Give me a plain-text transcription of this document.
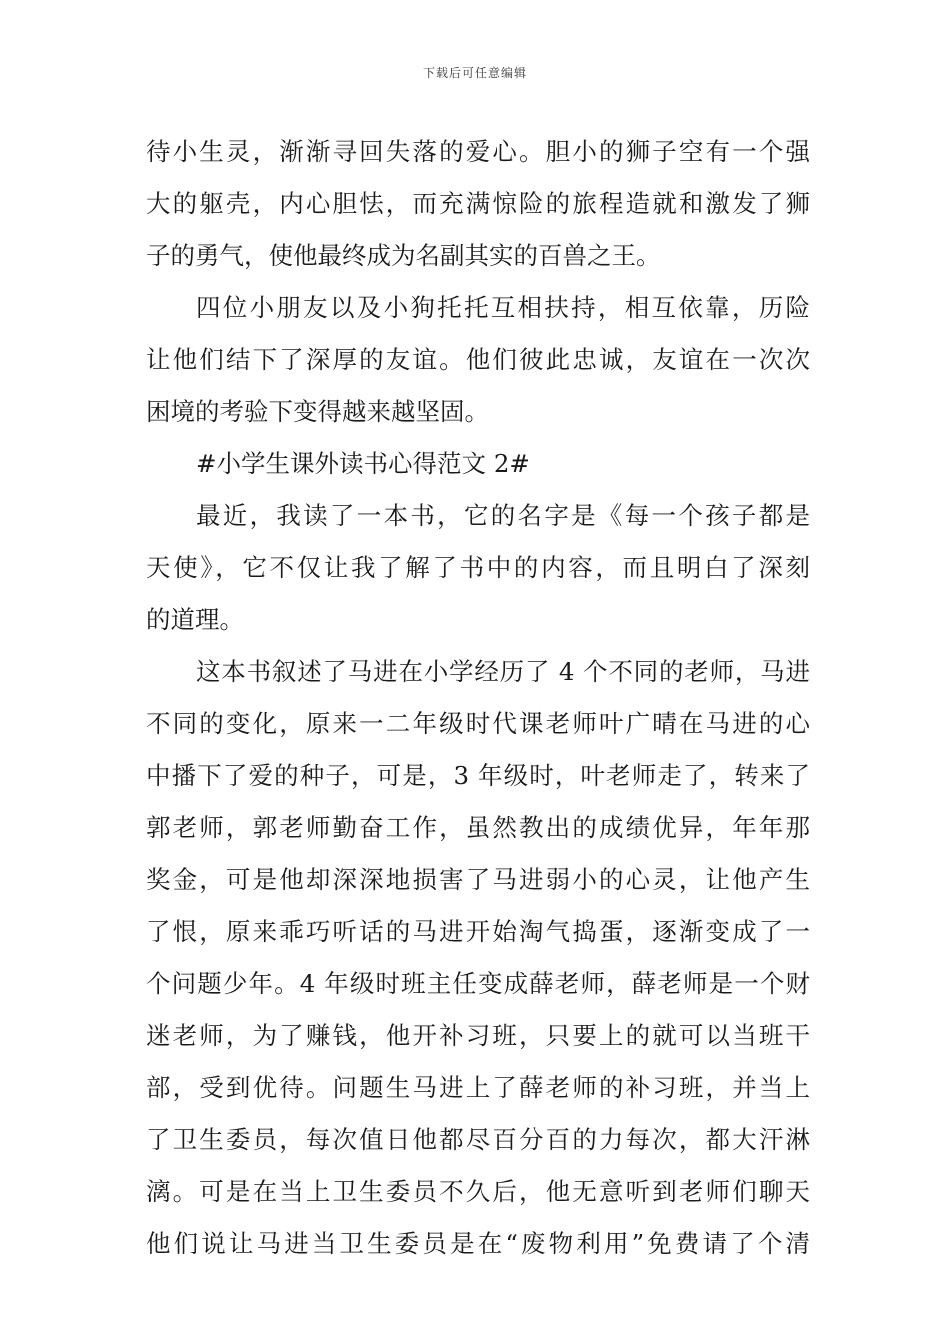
下载后可任意编辑
待小生灵，渐渐寻回失落的爱心。胆小的狮子空有一个强
大的躯壳，内心胆怯，而充满惊险的旅程造就和激发了狮
子的勇气，使他最终成为名副其实的百兽之王。
四位小朋友以及小狗托托互相扶持，相互依靠，历险
让他们结下了深厚的友谊。他们彼此忠诚，友谊在一次次
困境的考验下变得越来越坚固。
#小学生课外读书心得范文 2#
最近，我读了一本书，它的名字是《每一个孩子都是
天使》，它不仅让我了解了书中的内容，而且明白了深刻
的道理。
这本书叙述了马进在小学经历了 4 个不同的老师，马进
不同的变化，原来一二年级时代课老师叶广晴在马进的心
中播下了爱的种子，可是，3 年级时，叶老师走了，转来了
郭老师，郭老师勤奋工作，虽然教出的成绩优异，年年那
奖金，可是他却深深地损害了马进弱小的心灵，让他产生
了恨，原来乖巧听话的马进开始淘气捣蛋，逐渐变成了一
个问题少年。4 年级时班主任变成薛老师，薛老师是一个财
迷老师，为了赚钱，他开补习班，只要上的就可以当班干
部，受到优待。问题生马进上了薛老师的补习班，并当上
了卫生委员，每次值日他都尽百分百的力每次，都大汗淋
漓。可是在当上卫生委员不久后，他无意听到老师们聊天
他们说让马进当卫生委员是在“废物利用”免费请了个清
